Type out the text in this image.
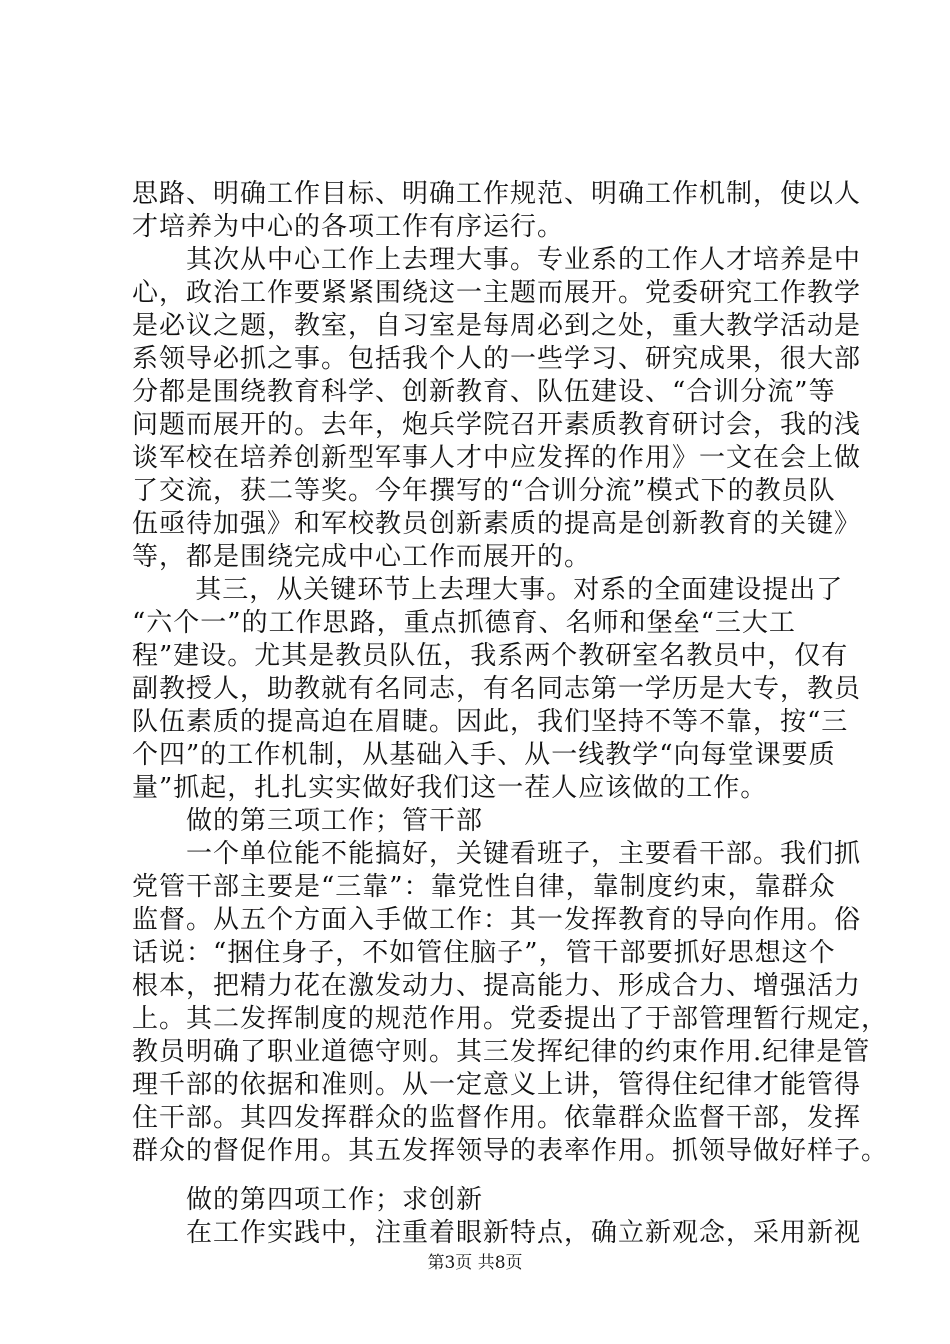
思路、明确工作目标、明确工作规范、明确工作机制，使以人
才培养为中心的各项工作有序运行。
　　其次从中心工作上去理大事。专业系的工作人才培养是中
心，政治工作要紧紧围绕这一主题而展开。党委研究工作教学
是必议之题，教室，自习室是每周必到之处，重大教学活动是
系领导必抓之事。包括我个人的一些学习、研究成果，很大部
分都是围绕教育科学、创新教育、队伍建设、“合训分流”等
问题而展开的。去年，炮兵学院召开素质教育研讨会，我的浅
谈军校在培养创新型军事人才中应发挥的作用》一文在会上做
了交流，获二等奖。今年撰写的“合训分流”模式下的教员队
伍亟待加强》和军校教员创新素质的提高是创新教育的关键》
等，都是围绕完成中心工作而展开的。
　　 其三，从关键环节上去理大事。对系的全面建设提出了
“六个一”的工作思路，重点抓德育、名师和堡垒“三大工
程”建设。尤其是教员队伍，我系两个教研室名教员中，仅有
副教授人，助教就有名同志，有名同志第一学历是大专，教员
队伍素质的提高迫在眉睫。因此，我们坚持不等不靠，按“三
个四”的工作机制，从基础入手、从一线教学“向每堂课要质
量”抓起，扎扎实实做好我们这一茬人应该做的工作。
　　做的第三项工作；管干部
　　一个单位能不能搞好，关键看班子，主要看干部。我们抓
党管干部主要是“三靠”：靠党性自律，靠制度约束，靠群众
监督。从五个方面入手做工作：其一发挥教育的导向作用。俗
话说：“捆住身子，不如管住脑子”，管干部要抓好思想这个
根本，把精力花在激发动力、提高能力、形成合力、增强活力
上。其二发挥制度的规范作用。党委提出了于部管理暂行规定，
教员明确了职业道德守则。其三发挥纪律的约束作用.纪律是管
理千部的依据和准则。从一定意义上讲，管得住纪律才能管得
住干部。其四发挥群众的监督作用。依靠群众监督干部，发挥
群众的督促作用。其五发挥领导的表率作用。抓领导做好样子。
　　做的第四项工作；求创新
　　在工作实践中，注重着眼新特点，确立新观念，采用新视
第3页 共8页
